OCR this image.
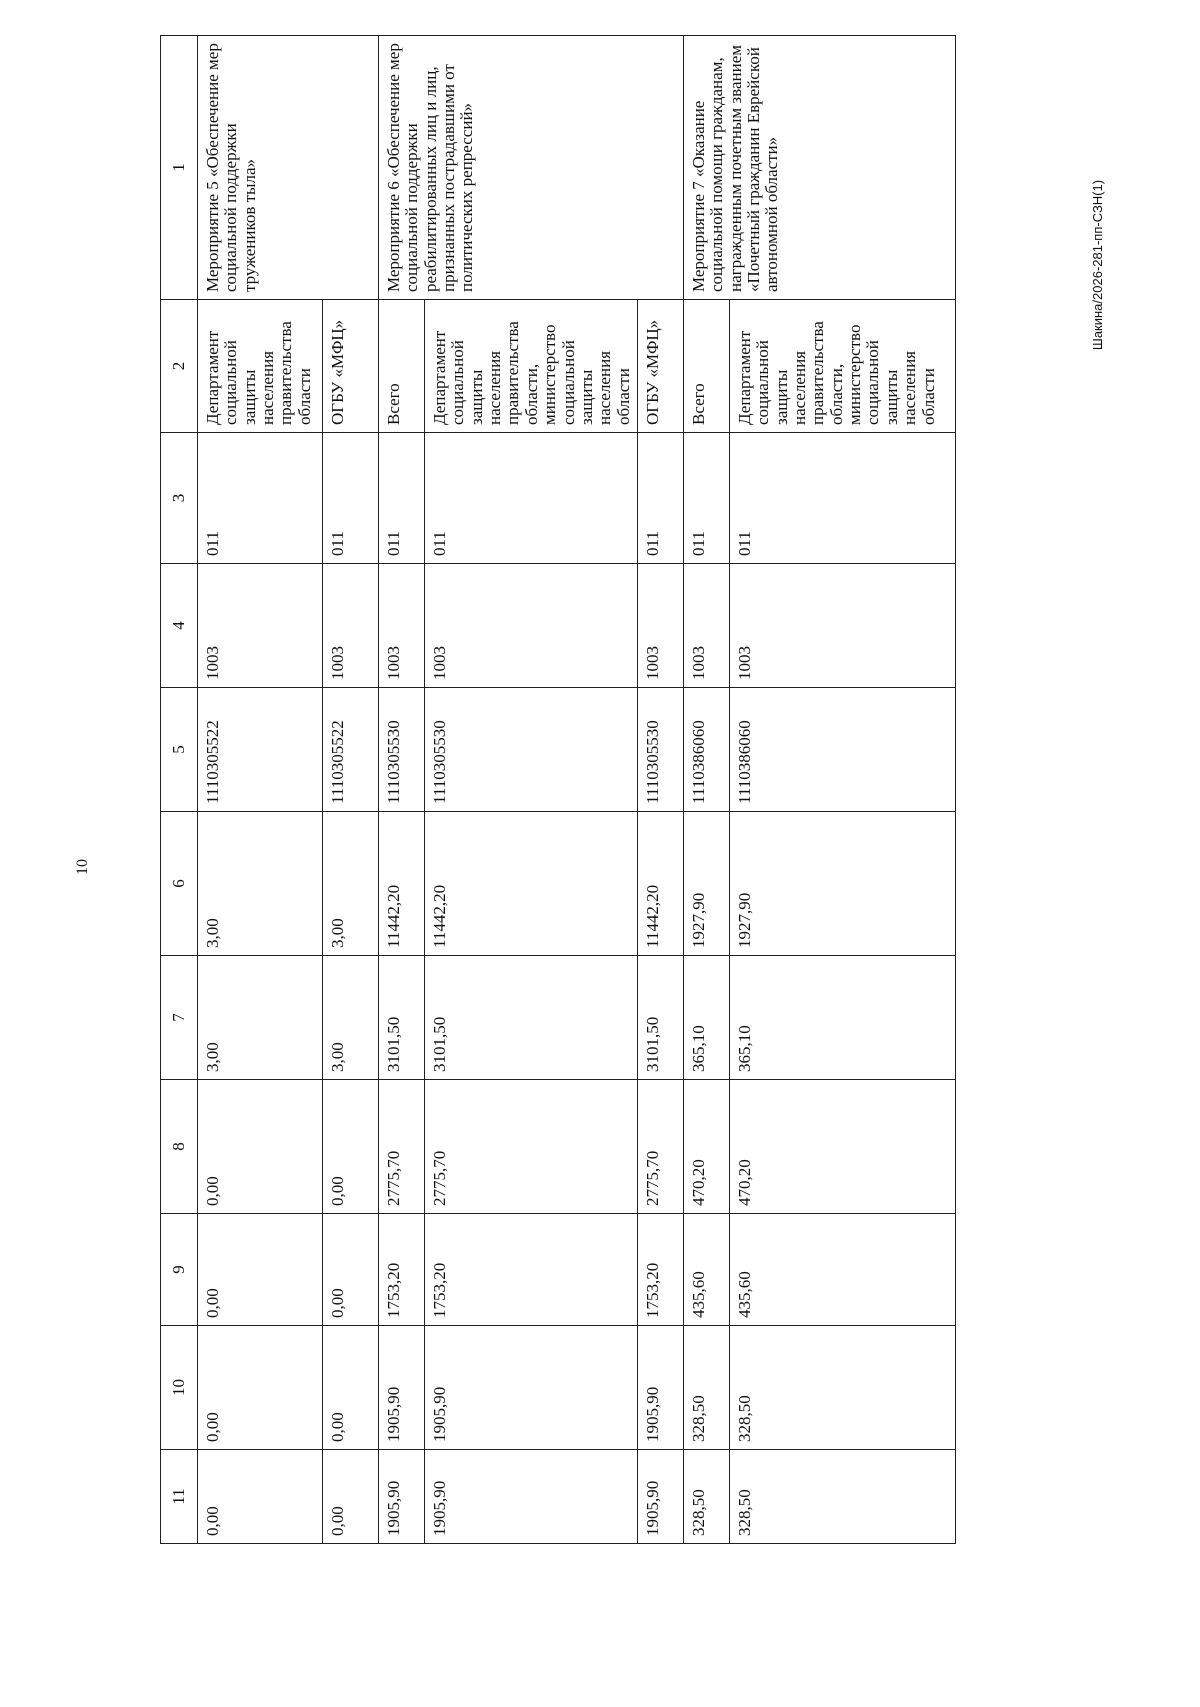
10
11	10	9	8	7	6	5	4	3	2	1
0,00	0,00	0,00	0,00	3,00	3,00	1110305522	1003	011	Департамент социальной защиты населения правительства области	Мероприятие 5 «Обеспечение мер социальной поддержки тружеников тыла»
0,00	0,00	0,00	0,00	3,00	3,00	1110305522	1003	011	ОГБУ «МФЦ»	
1905,90	1905,90	1753,20	2775,70	3101,50	11442,20	1110305530	1003	011	Всего	Мероприятие 6 «Обеспечение мер социальной поддержки реабилитированных лиц и лиц, признанных пострадавшими от политических репрессий»
1905,90	1905,90	1753,20	2775,70	3101,50	11442,20	1110305530	1003	011	Департамент социальной защиты населения правительства области, министерство социальной защиты населения области	
1905,90	1905,90	1753,20	2775,70	3101,50	11442,20	1110305530	1003	011	ОГБУ «МФЦ»	
328,50	328,50	435,60	470,20	365,10	1927,90	1110386060	1003	011	Всего	Мероприятие 7 «Оказание социальной помощи гражданам, награжденным почетным званием «Почетный гражданин Еврейской автономной области»
328,50	328,50	435,60	470,20	365,10	1927,90	1110386060	1003	011	Департамент социальной защиты населения правительства области, министерство социальной защиты населения области	
Шакина/2026-281-пп-СЗН(1)
